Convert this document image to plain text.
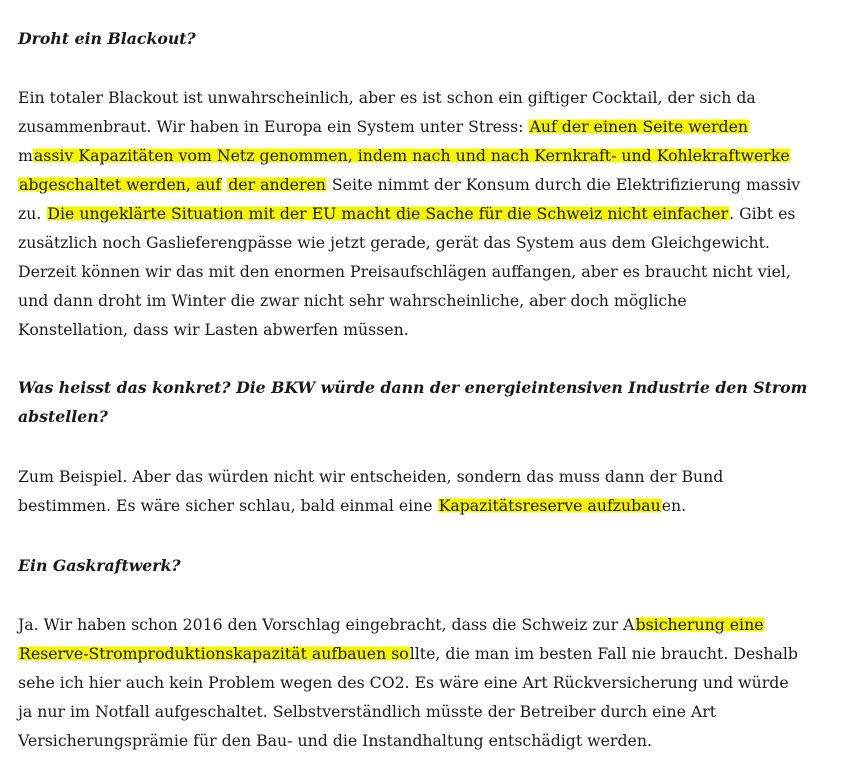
Droht ein Blackout?
Ein totaler Blackout ist unwahrscheinlich, aber es ist schon ein giftiger Cocktail, der sich da
zusammenbraut. Wir haben in Europa ein System unter Stress: Auf der einen Seite werden
massiv Kapazitäten vom Netz genommen, indem nach und nach Kernkraft- und Kohlekraftwerke
abgeschaltet werden, auf der anderen Seite nimmt der Konsum durch die Elektrifizierung massiv
zu. Die ungeklärte Situation mit der EU macht die Sache für die Schweiz nicht einfacher. Gibt es
zusätzlich noch Gaslieferengpässe wie jetzt gerade, gerät das System aus dem Gleichgewicht.
Derzeit können wir das mit den enormen Preisaufschlägen auffangen, aber es braucht nicht viel,
und dann droht im Winter die zwar nicht sehr wahrscheinliche, aber doch mögliche
Konstellation, dass wir Lasten abwerfen müssen.
Was heisst das konkret? Die BKW würde dann der energieintensiven Industrie den Strom
abstellen?
Zum Beispiel. Aber das würden nicht wir entscheiden, sondern das muss dann der Bund
bestimmen. Es wäre sicher schlau, bald einmal eine Kapazitätsreserve aufzubauen.
Ein Gaskraftwerk?
Ja. Wir haben schon 2016 den Vorschlag eingebracht, dass die Schweiz zur Absicherung eine
Reserve-Stromproduktionskapazität aufbauen sollte, die man im besten Fall nie braucht. Deshalb
sehe ich hier auch kein Problem wegen des CO2. Es wäre eine Art Rückversicherung und würde
ja nur im Notfall aufgeschaltet. Selbstverständlich müsste der Betreiber durch eine Art
Versicherungsprämie für den Bau- und die Instandhaltung entschädigt werden.
